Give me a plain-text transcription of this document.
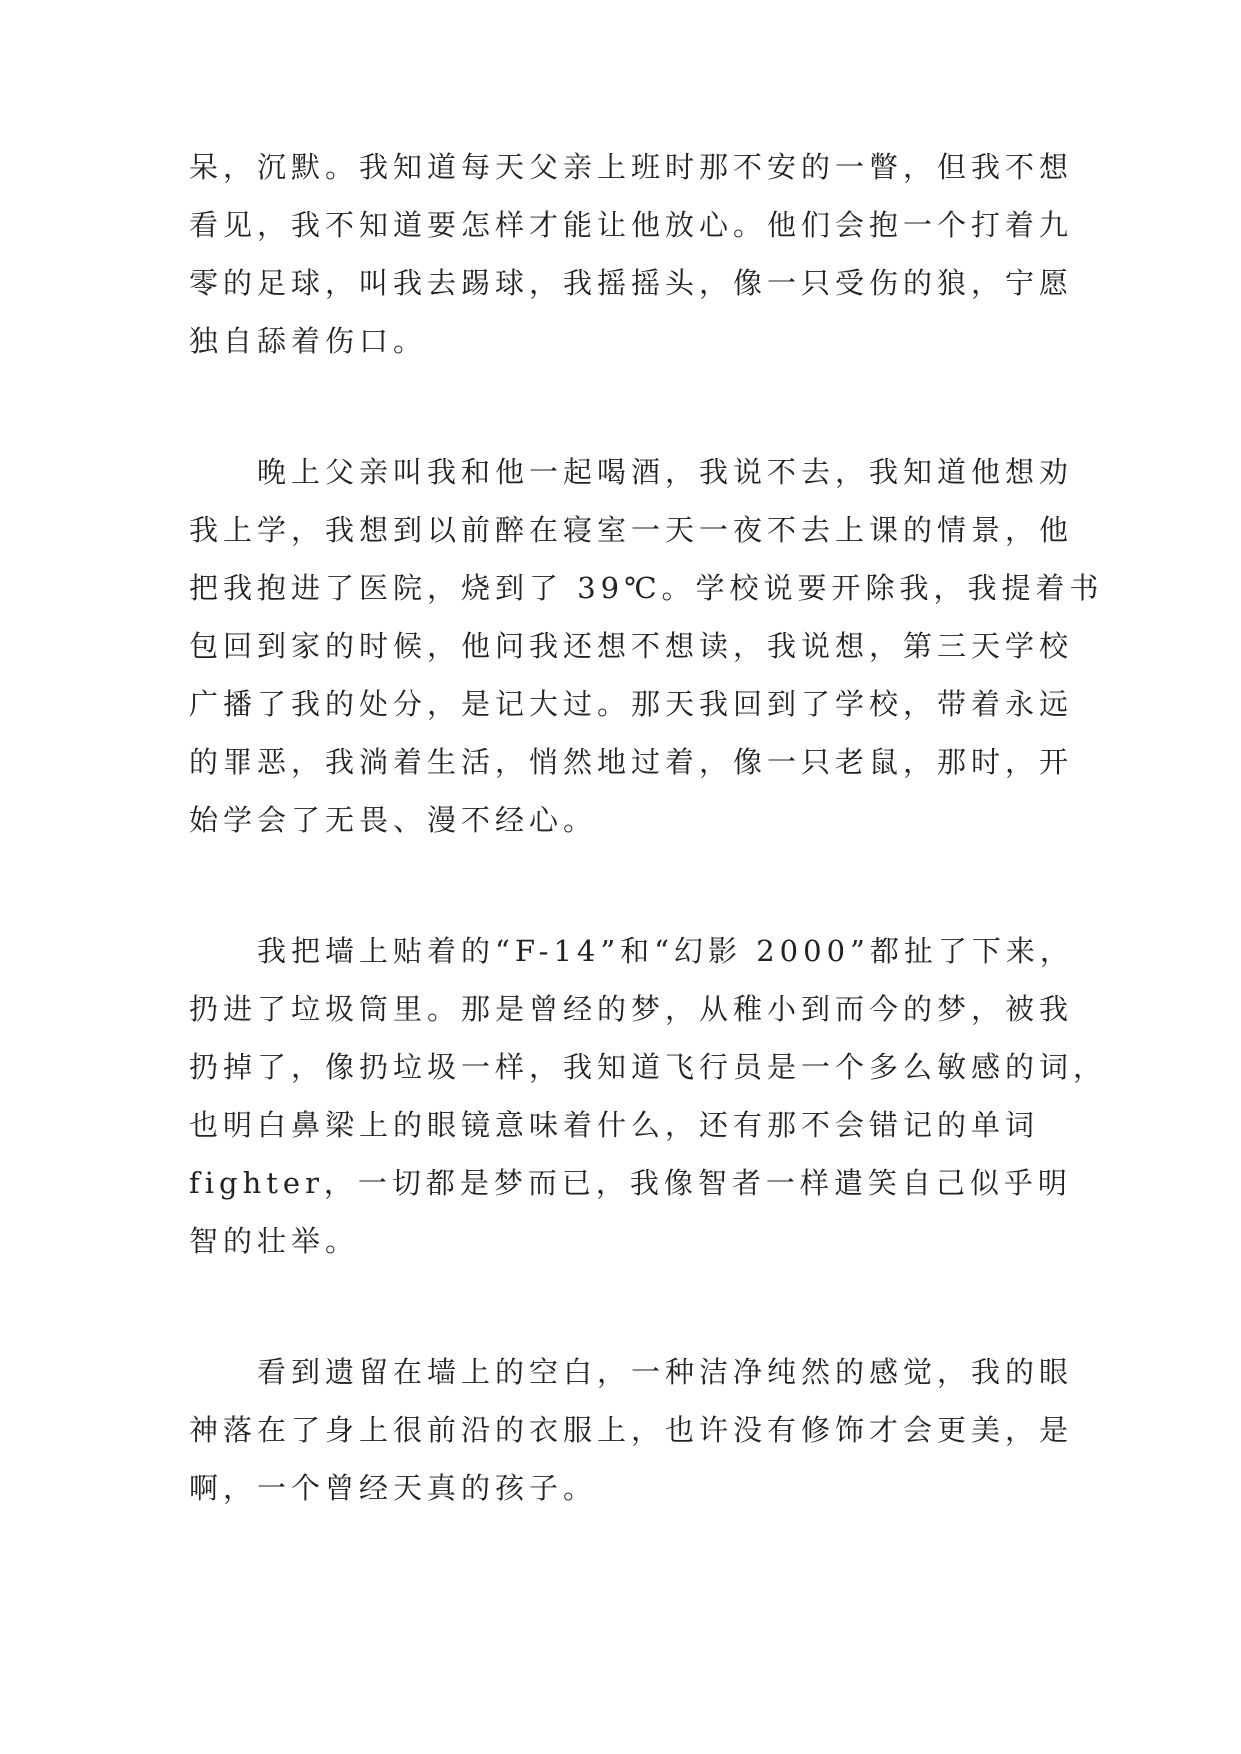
呆，沉默。我知道每天父亲上班时那不安的一瞥，但我不想
看见，我不知道要怎样才能让他放心。他们会抱一个打着九
零的足球，叫我去踢球，我摇摇头，像一只受伤的狼，宁愿
独自舔着伤口。
晚上父亲叫我和他一起喝酒，我说不去，我知道他想劝
我上学，我想到以前醉在寝室一天一夜不去上课的情景，他
把我抱进了医院，烧到了 39℃。学校说要开除我，我提着书
包回到家的时候，他问我还想不想读，我说想，第三天学校
广播了我的处分，是记大过。那天我回到了学校，带着永远
的罪恶，我淌着生活，悄然地过着，像一只老鼠，那时，开
始学会了无畏、漫不经心。
我把墙上贴着的“F-14”和“幻影 2000”都扯了下来，
扔进了垃圾筒里。那是曾经的梦，从稚小到而今的梦，被我
扔掉了，像扔垃圾一样，我知道飞行员是一个多么敏感的词，
也明白鼻梁上的眼镜意味着什么，还有那不会错记的单词
fighter，一切都是梦而已，我像智者一样遣笑自己似乎明
智的壮举。
看到遗留在墙上的空白，一种洁净纯然的感觉，我的眼
神落在了身上很前沿的衣服上，也许没有修饰才会更美，是
啊，一个曾经天真的孩子。
